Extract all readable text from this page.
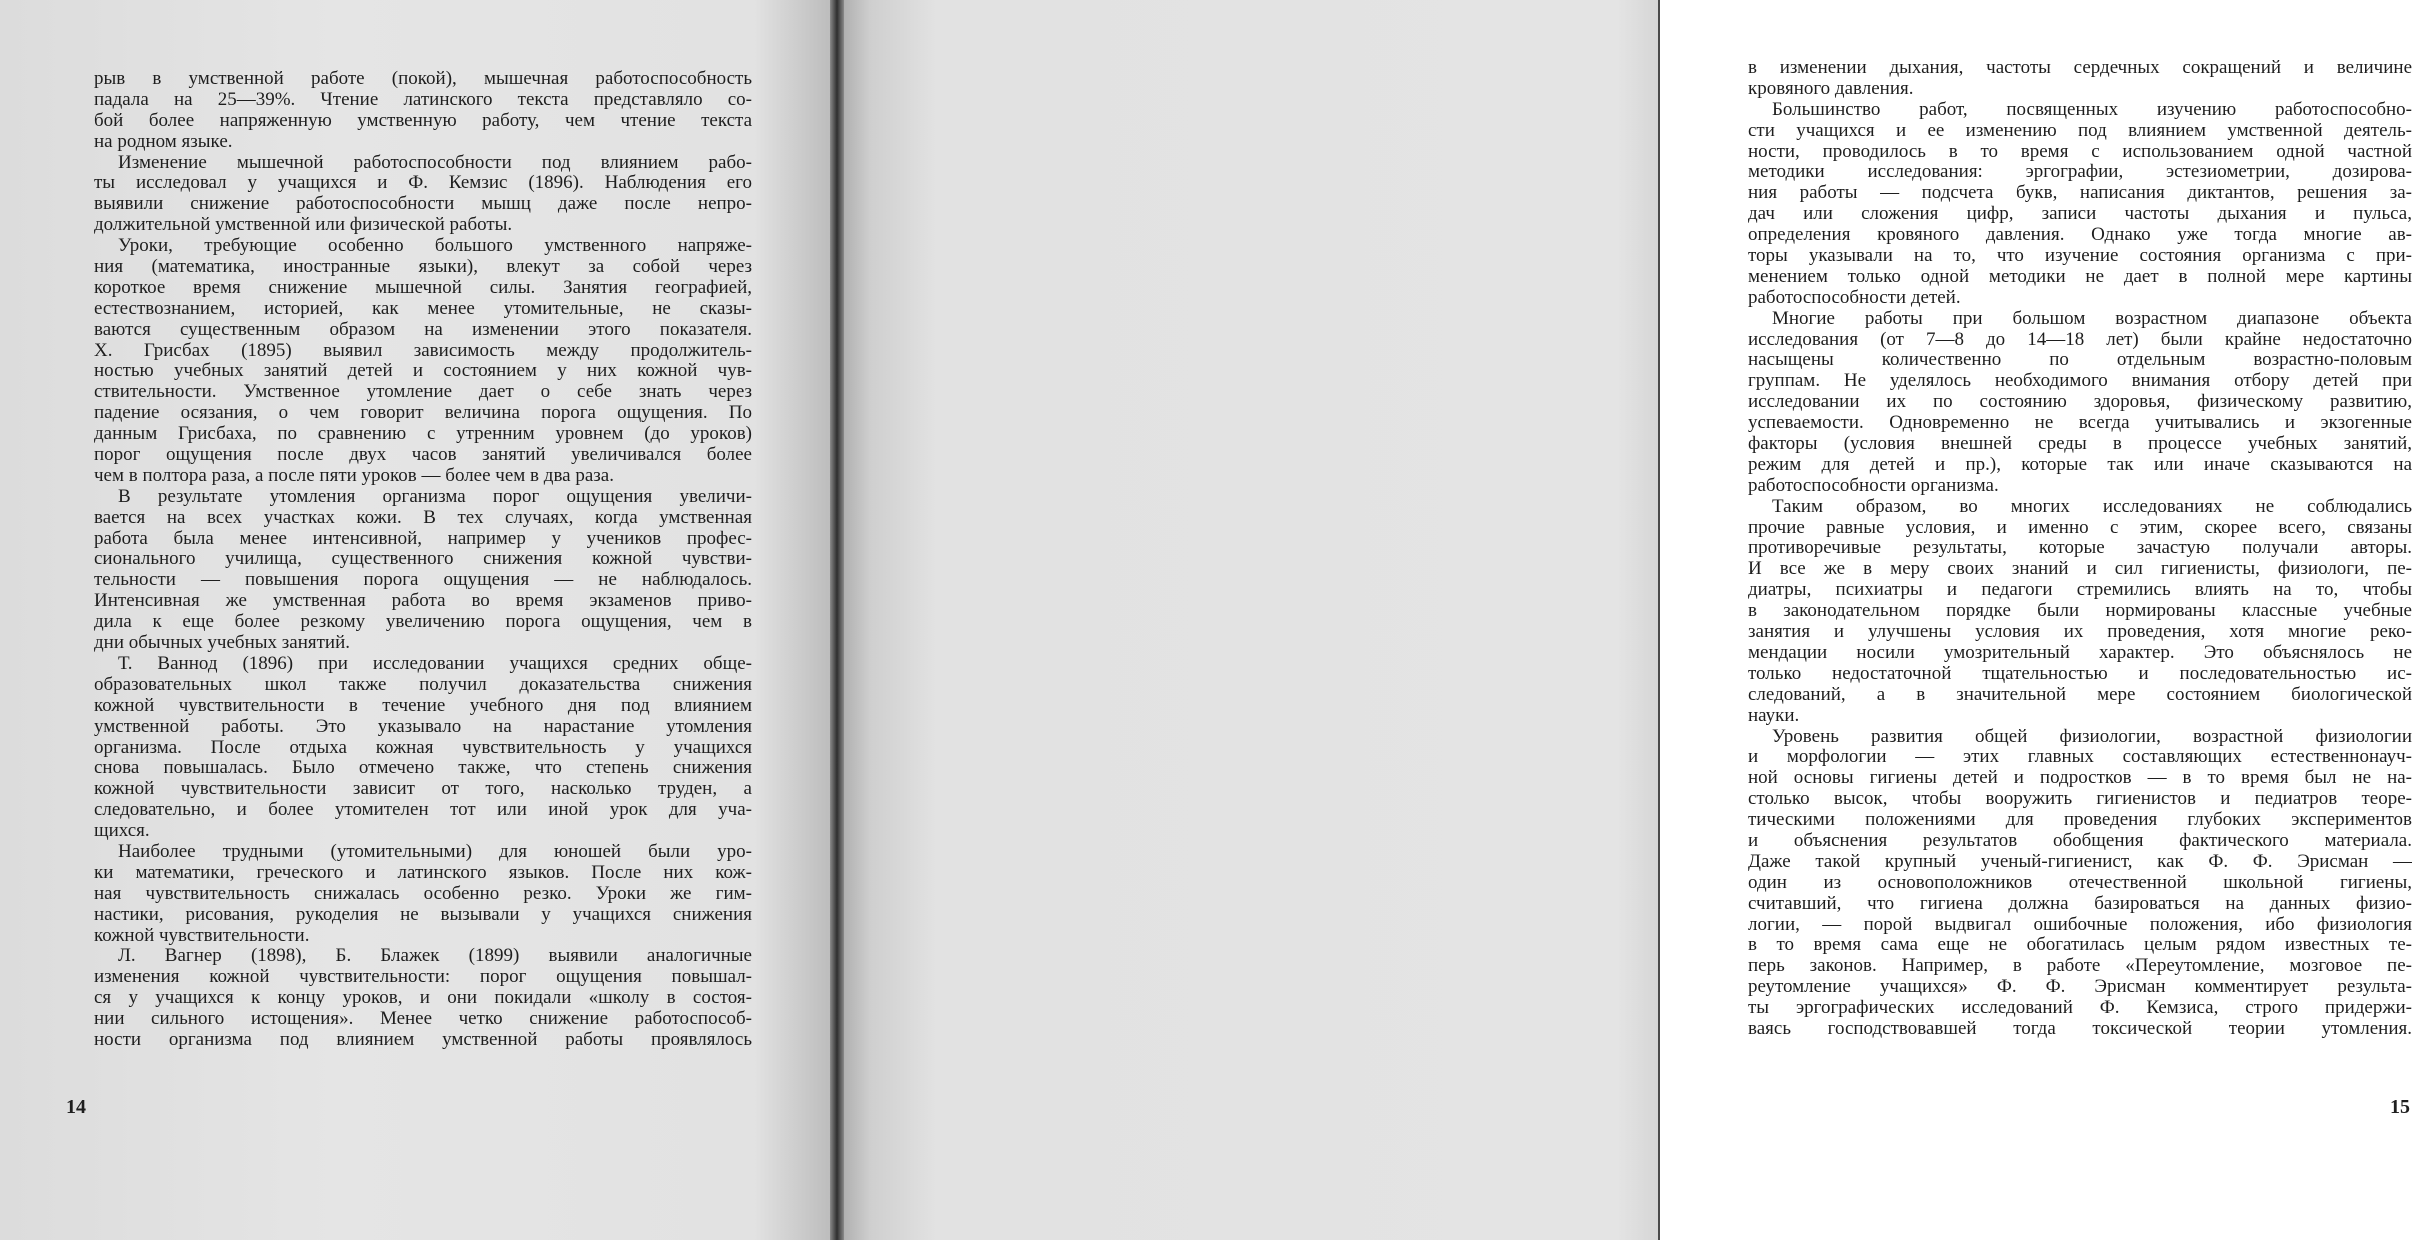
рыв в умственной работе (покой), мышечная работоспособность
падала на 25—39%. Чтение латинского текста представляло со-
бой более напряженную умственную работу, чем чтение текста
на родном языке.
Изменение мышечной работоспособности под влиянием рабо-
ты исследовал у учащихся и Ф. Кемзис (1896). Наблюдения его
выявили снижение работоспособности мышц даже после непро-
должительной умственной или физической работы.
Уроки, требующие особенно большого умственного напряже-
ния (математика, иностранные языки), влекут за собой через
короткое время снижение мышечной силы. Занятия географией,
естествознанием, историей, как менее утомительные, не сказы-
ваются существенным образом на изменении этого показателя.
Х. Грисбах (1895) выявил зависимость между продолжитель-
ностью учебных занятий детей и состоянием у них кожной чув-
ствительности. Умственное утомление дает о себе знать через
падение осязания, о чем говорит величина порога ощущения. По
данным Грисбаха, по сравнению с утренним уровнем (до уроков)
порог ощущения после двух часов занятий увеличивался более
чем в полтора раза, а после пяти уроков — более чем в два раза.
В результате утомления организма порог ощущения увеличи-
вается на всех участках кожи. В тех случаях, когда умственная
работа была менее интенсивной, например у учеников профес-
сионального училища, существенного снижения кожной чувстви-
тельности — повышения порога ощущения — не наблюдалось.
Интенсивная же умственная работа во время экзаменов приво-
дила к еще более резкому увеличению порога ощущения, чем в
дни обычных учебных занятий.
Т. Ваннод (1896) при исследовании учащихся средних обще-
образовательных школ также получил доказательства снижения
кожной чувствительности в течение учебного дня под влиянием
умственной работы. Это указывало на нарастание утомления
организма. После отдыха кожная чувствительность у учащихся
снова повышалась. Было отмечено также, что степень снижения
кожной чувствительности зависит от того, насколько труден, а
следовательно, и более утомителен тот или иной урок для уча-
щихся.
Наиболее трудными (утомительными) для юношей были уро-
ки математики, греческого и латинского языков. После них кож-
ная чувствительность снижалась особенно резко. Уроки же гим-
настики, рисования, рукоделия не вызывали у учащихся снижения
кожной чувствительности.
Л. Вагнер (1898), Б. Блажек (1899) выявили аналогичные
изменения кожной чувствительности: порог ощущения повышал-
ся у учащихся к концу уроков, и они покидали «школу в состоя-
нии сильного истощения». Менее четко снижение работоспособ-
ности организма под влиянием умственной работы проявлялось
14
в изменении дыхания, частоты сердечных сокращений и величине
кровяного давления.
Большинство работ, посвященных изучению работоспособно-
сти учащихся и ее изменению под влиянием умственной деятель-
ности, проводилось в то время с использованием одной частной
методики исследования: эргографии, эстезиометрии, дозирова-
ния работы — подсчета букв, написания диктантов, решения за-
дач или сложения цифр, записи частоты дыхания и пульса,
определения кровяного давления. Однако уже тогда многие ав-
торы указывали на то, что изучение состояния организма с при-
менением только одной методики не дает в полной мере картины
работоспособности детей.
Многие работы при большом возрастном диапазоне объекта
исследования (от 7—8 до 14—18 лет) были крайне недостаточно
насыщены количественно по отдельным возрастно-половым
группам. Не уделялось необходимого внимания отбору детей при
исследовании их по состоянию здоровья, физическому развитию,
успеваемости. Одновременно не всегда учитывались и экзогенные
факторы (условия внешней среды в процессе учебных занятий,
режим для детей и пр.), которые так или иначе сказываются на
работоспособности организма.
Таким образом, во многих исследованиях не соблюдались
прочие равные условия, и именно с этим, скорее всего, связаны
противоречивые результаты, которые зачастую получали авторы.
И все же в меру своих знаний и сил гигиенисты, физиологи, пе-
диатры, психиатры и педагоги стремились влиять на то, чтобы
в законодательном порядке были нормированы классные учебные
занятия и улучшены условия их проведения, хотя многие реко-
мендации носили умозрительный характер. Это объяснялось не
только недостаточной тщательностью и последовательностью ис-
следований, а в значительной мере состоянием биологической
науки.
Уровень развития общей физиологии, возрастной физиологии
и морфологии — этих главных составляющих естественнонауч-
ной основы гигиены детей и подростков — в то время был не на-
столько высок, чтобы вооружить гигиенистов и педиатров теоре-
тическими положениями для проведения глубоких экспериментов
и объяснения результатов обобщения фактического материала.
Даже такой крупный ученый-гигиенист, как Ф. Ф. Эрисман —
один из основоположников отечественной школьной гигиены,
считавший, что гигиена должна базироваться на данных физио-
логии, — порой выдвигал ошибочные положения, ибо физиология
в то время сама еще не обогатилась целым рядом известных те-
перь законов. Например, в работе «Переутомление, мозговое пе-
реутомление учащихся» Ф. Ф. Эрисман комментирует результа-
ты эргографических исследований Ф. Кемзиса, строго придержи-
ваясь господствовавшей тогда токсической теории утомления.
15
